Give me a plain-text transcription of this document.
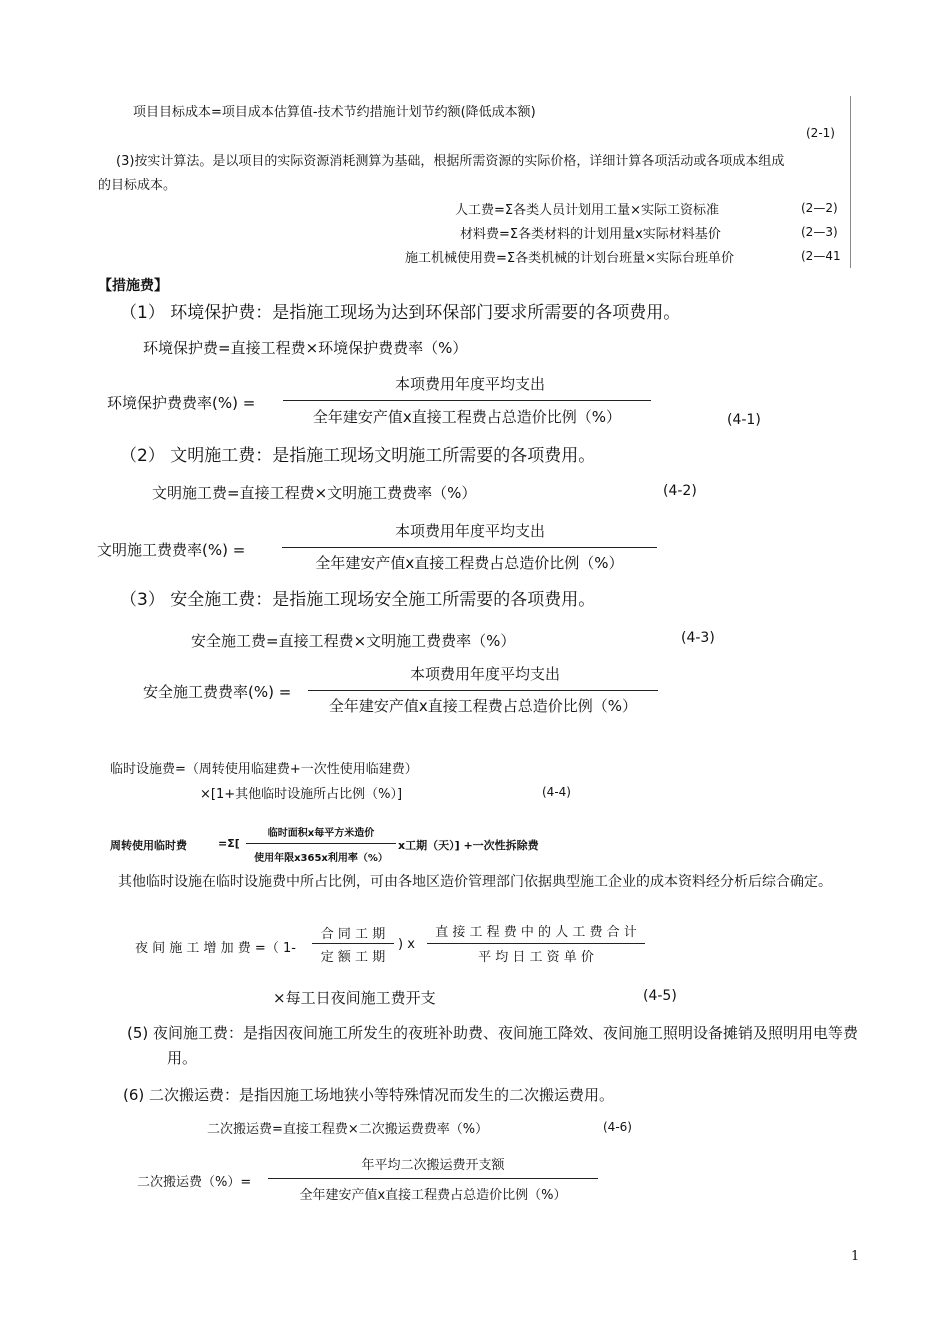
项目目标成本=项目成本估算值-技术节约措施计划节约额(降低成本额)
(2-1)
(3)按实计算法。是以项目的实际资源消耗测算为基础，根据所需资源的实际价格，详细计算各项活动或各项成本组成
的目标成本。
人工费=Σ各类人员计划用工量×实际工资标准	(2—2)
材料费=Σ各类材料的计划用量x实际材料基价	(2—3)
施工机械使用费=Σ各类机械的计划台班量×实际台班单价	(2—41
【措施费】
（1） 环境保护费：是指施工现场为达到环保部门要求所需要的各项费用。
环境保护费=直接工程费×环境保护费费率（%）
环境保护费费率(%) =
本项费用年度平均支出
全年建安产值x直接工程费占总造价比例（%）	(4-1)
（2） 文明施工费：是指施工现场文明施工所需要的各项费用。
文明施工费=直接工程费×文明施工费费率（%）	(4-2)
本项费用年度平均支出
文明施工费费率(%) =
全年建安产值x直接工程费占总造价比例（%）
（3） 安全施工费：是指施工现场安全施工所需要的各项费用。
安全施工费=直接工程费×文明施工费费率（%）	(4-3)
本项费用年度平均支出
安全施工费费率(%) =
全年建安产值x直接工程费占总造价比例（%）
临时设施费=（周转使用临建费+一次性使用临建费）
×[1+其他临时设施所占比例（%）]	(4-4)
周转使用临时费	=Σ[
临时面积x每平方米造价
使用年限x365x利用率（%）
x工期（天）] +一次性拆除费
其他临时设施在临时设施费中所占比例，可由各地区造价管理部门依据典型施工企业的成本资料经分析后综合确定。
夜 间 施 工 增 加 费 =（ 1-
合 同 工 期
定 额 工 期
) x
直 接 工 程 费 中 的 人 工 费 合 计
平 均 日 工 资 单 价
×每工日夜间施工费开支	(4-5)
(5) 夜间施工费：是指因夜间施工所发生的夜班补助费、夜间施工降效、夜间施工照明设备摊销及照明用电等费
用。
(6) 二次搬运费：是指因施工场地狭小等特殊情况而发生的二次搬运费用。
二次搬运费=直接工程费×二次搬运费费率（%）	(4-6)
年平均二次搬运费开支额
二次搬运费（%）=
全年建安产值x直接工程费占总造价比例（%）
1
